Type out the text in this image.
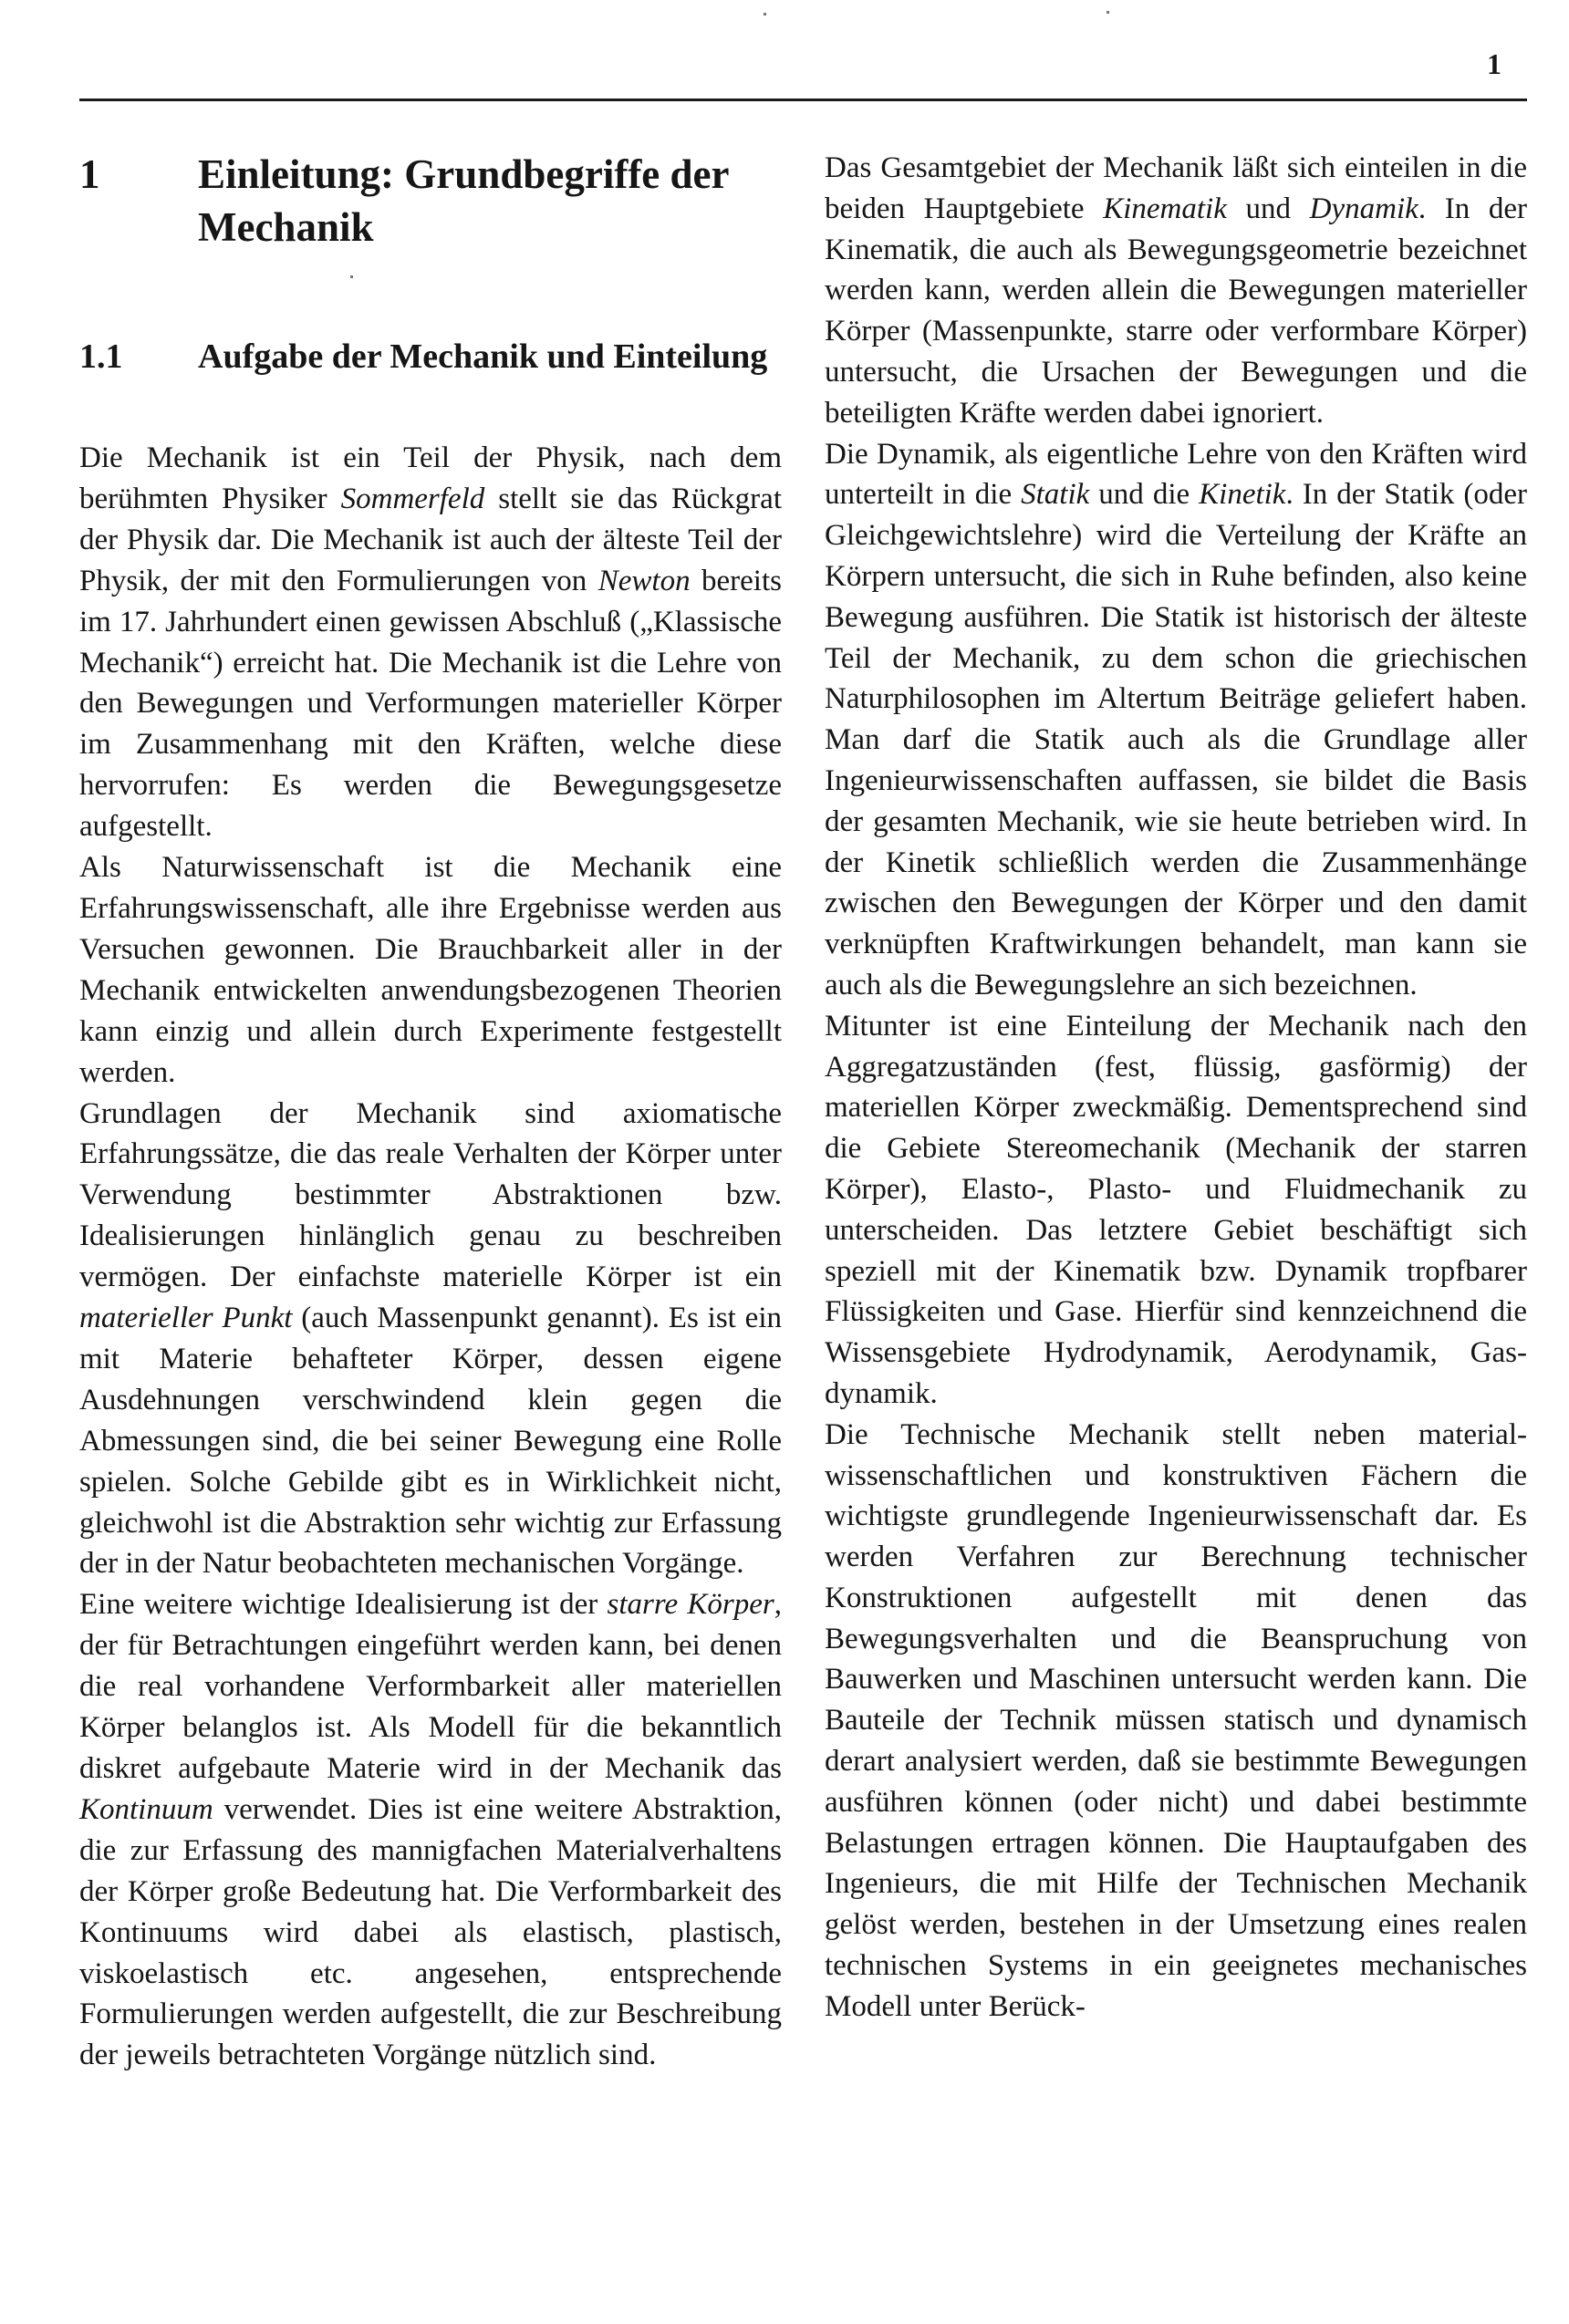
1
1	Einleitung: Grundbegriffe der Mechanik
1.1	Aufgabe der Mechanik und Einteilung

Die Mechanik ist ein Teil der Physik, nach dem berühmten Physiker Sommerfeld stellt sie das Rückgrat der Physik dar. Die Mechanik ist auch der älteste Teil der Physik, der mit den Formulierungen von Newton bereits im 17. Jahrhundert einen gewissen Abschluß („Klassische Mechanik“) erreicht hat. Die Mechanik ist die Lehre von den Bewegungen und Verformungen materieller Körper im Zusammenhang mit den Kräften, welche diese hervorrufen: Es werden die Bewegungsgesetze aufgestellt.

Als Naturwissenschaft ist die Mechanik eine Erfahrungswissenschaft, alle ihre Ergebnisse werden aus Versuchen gewonnen. Die Brauchbarkeit aller in der Mechanik entwickelten anwendungsbezogenen Theorien kann einzig und allein durch Experimente festgestellt werden.

Grundlagen der Mechanik sind axiomatische Erfahrungssätze, die das reale Verhalten der Körper unter Verwendung bestimmter Abstraktionen bzw. Idealisierungen hinlänglich genau zu beschreiben vermögen. Der einfachste materielle Körper ist ein materieller Punkt (auch Massenpunkt genannt). Es ist ein mit Materie behafteter Körper, dessen eigene Ausdehnungen verschwindend klein gegen die Abmessungen sind, die bei seiner Bewegung eine Rolle spielen. Solche Gebilde gibt es in Wirklichkeit nicht, gleichwohl ist die Abstraktion sehr wichtig zur Erfassung der in der Natur beobachteten mechanischen Vorgänge.

Eine weitere wichtige Idealisierung ist der starre Körper, der für Betrachtungen eingeführt werden kann, bei denen die real vorhandene Verformbarkeit aller materiellen Körper belanglos ist. Als Modell für die bekanntlich diskret aufgebaute Materie wird in der Mechanik das Kontinuum verwendet. Dies ist eine weitere Abstraktion, die zur Erfassung des mannigfachen Materialverhaltens der Körper große Bedeutung hat. Die Verformbarkeit des Kontinuums wird dabei als elastisch, plastisch, viskoelastisch etc. angesehen, entsprechende Formulierungen werden aufgestellt, die zur Beschreibung der jeweils betrachteten Vorgänge nützlich sind.

Das Gesamtgebiet der Mechanik läßt sich einteilen in die beiden Hauptgebiete Kinematik und Dynamik. In der Kinematik, die auch als Bewegungsgeometrie bezeichnet werden kann, werden allein die Bewegungen materieller Körper (Massenpunkte, starre oder verformbare Körper) untersucht, die Ursachen der Bewegungen und die beteiligten Kräfte werden dabei ignoriert.

Die Dynamik, als eigentliche Lehre von den Kräften wird unterteilt in die Statik und die Kinetik. In der Statik (oder Gleichgewichtslehre) wird die Verteilung der Kräfte an Körpern untersucht, die sich in Ruhe befinden, also keine Bewegung ausführen. Die Statik ist historisch der älteste Teil der Mechanik, zu dem schon die griechischen Naturphilosophen im Altertum Beiträge geliefert haben. Man darf die Statik auch als die Grundlage aller Ingenieurwissenschaften auffassen, sie bildet die Basis der gesamten Mechanik, wie sie heute betrieben wird. In der Kinetik schließlich werden die Zusammenhänge zwischen den Bewegungen der Körper und den damit verknüpften Kraftwirkungen behandelt, man kann sie auch als die Bewegungslehre an sich bezeichnen.

Mitunter ist eine Einteilung der Mechanik nach den Aggregatzuständen (fest, flüssig, gasförmig) der materiellen Körper zweckmäßig. Dementsprechend sind die Gebiete Stereomechanik (Mechanik der starren Körper), Elasto-, Plasto- und Fluidmechanik zu unterscheiden. Das letztere Gebiet beschäftigt sich speziell mit der Kinematik bzw. Dynamik tropfbarer Flüssigkeiten und Gase. Hierfür sind kennzeichnend die Wissensgebiete Hydrodynamik, Aerodynamik, Gasdynamik.

Die Technische Mechanik stellt neben materialwissenschaftlichen und konstruktiven Fächern die wichtigste grundlegende Ingenieurwissenschaft dar. Es werden Verfahren zur Berechnung technischer Konstruktionen aufgestellt mit denen das Bewegungsverhalten und die Beanspruchung von Bauwerken und Maschinen untersucht werden kann. Die Bauteile der Technik müssen statisch und dynamisch derart analysiert werden, daß sie bestimmte Bewegungen ausführen können (oder nicht) und dabei bestimmte Belastungen ertragen können. Die Hauptaufgaben des Ingenieurs, die mit Hilfe der Technischen Mechanik gelöst werden, bestehen in der Umsetzung eines realen technischen Systems in ein geeignetes mechanisches Modell unter Berück-
